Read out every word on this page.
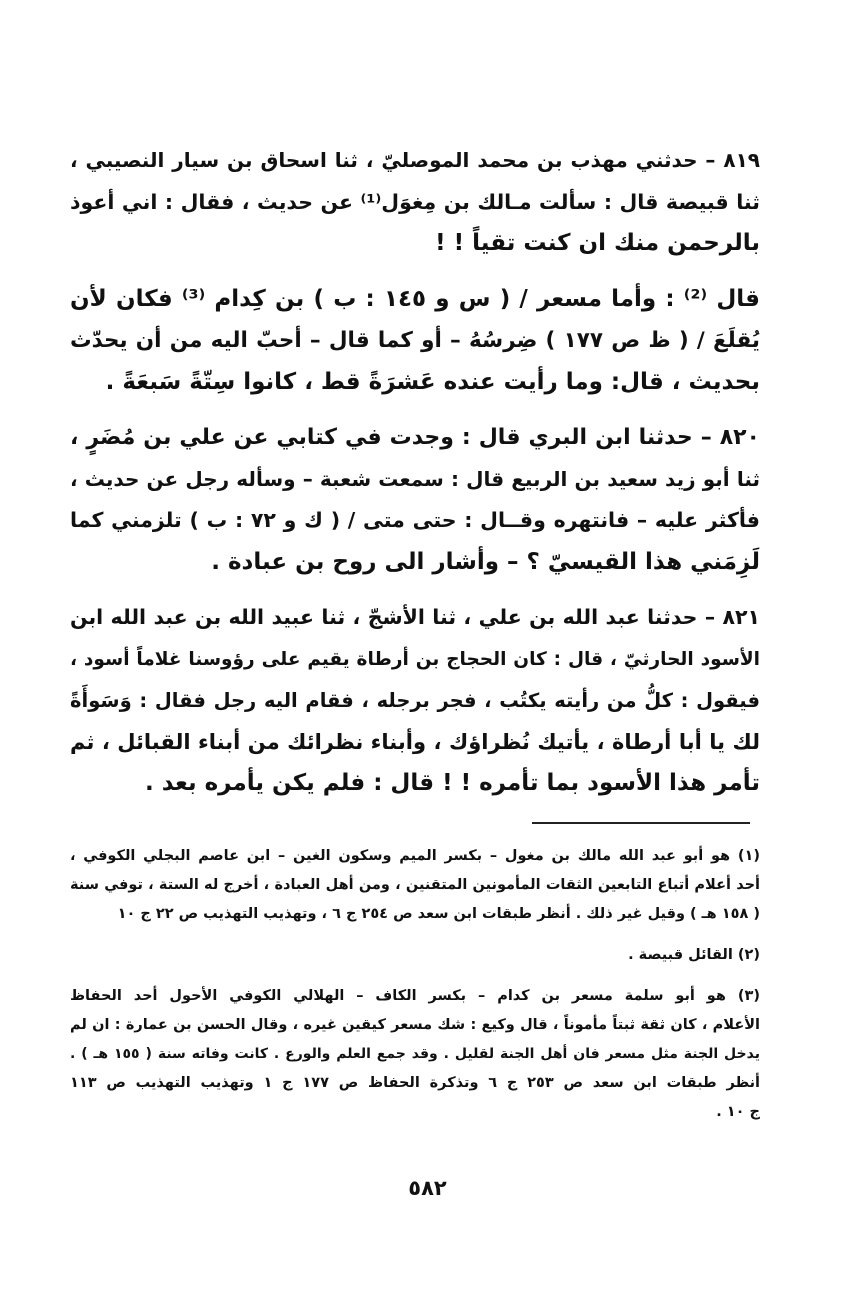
٨١٩ – حدثني مهذب بن محمد الموصليّ ، ثنا اسحاق بن سيار النصيبي ،
ثنا قبيصة قال : سألت مـالك بن مِغوَل⁽¹⁾ عن حديث ، فقال : اني أعوذ
بالرحمن منك ان كنت تقياً ! !
قال ⁽²⁾ : وأما مسعر / ( س و ١٤٥ : ب ) بن كِدام ⁽³⁾ فكان لأن
يُقلَعَ / ( ظ ص ١٧٧ ) ضِرسُهُ – أو كما قال – أحبّ اليه من أن يحدّث
بحديث ، قال: وما رأيت عنده عَشرَةً قط ، كانوا سِتّةً سَبعَةً .
٨٢٠ – حدثنا ابن البري قال : وجدت في كتابي عن علي بن مُضَرٍ ،
ثنا أبو زيد سعيد بن الربيع قال : سمعت شعبة – وسأله رجل عن حديث ،
فأكثر عليه – فانتهره وقــال : حتى متى / ( ك و ٧٢ : ب ) تلزمني كما
لَزِمَني هذا القيسيّ ؟ – وأشار الى روح بن عبادة .
٨٢١ – حدثنا عبد الله بن علي ، ثنا الأشجّ ، ثنا عبيد الله بن عبد الله ابن
الأسود الحارثيّ ، قال : كان الحجاج بن أرطاة يقيم على رؤوسنا غلاماً أسود ،
فيقول : كلُّ من رأيته يكتُب ، فجر برجله ، فقام اليه رجل فقال : وَسَوأَةً
لك يا أبا أرطاة ، يأتيك نُظراؤك ، وأبناء نظرائك من أبناء القبائل ، ثم
تأمر هذا الأسود بما تأمره ! ! قال : فلم يكن يأمره بعد .
(١) هو أبو عبد الله مالك بن مغول – بكسر الميم وسكون الغين – ابن عاصم البجلي الكوفي ،
أحد أعلام أتباع التابعين الثقات المأمونين المتقنين ، ومن أهل العبادة ، أخرج له الستة ، توفي سنة
( ١٥٨ هـ ) وقيل غير ذلك . أنظر طبقات ابن سعد ص ٢٥٤ ج ٦ ، وتهذيب التهذيب ص ٢٢ ج ١٠
(٢) القائل قبيصة .
(٣) هو أبو سلمة مسعر بن كدام – بكسر الكاف – الهلالي الكوفي الأحول أحد الحفاظ
الأعلام ، كان ثقة ثبتاً مأموناً ، قال وكيع : شك مسعر كيقين غيره ، وقال الحسن بن عمارة : ان لم
يدخل الجنة مثل مسعر فان أهل الجنة لقليل . وقد جمع العلم والورع . كانت وفاته سنة ( ١٥٥ هـ ) .
أنظر طبقات ابن سعد ص ٢٥٣ ج ٦ وتذكرة الحفاظ ص ١٧٧ ج ١ وتهذيب التهذيب ص ١١٣
ج ١٠ .
٥٨٢
